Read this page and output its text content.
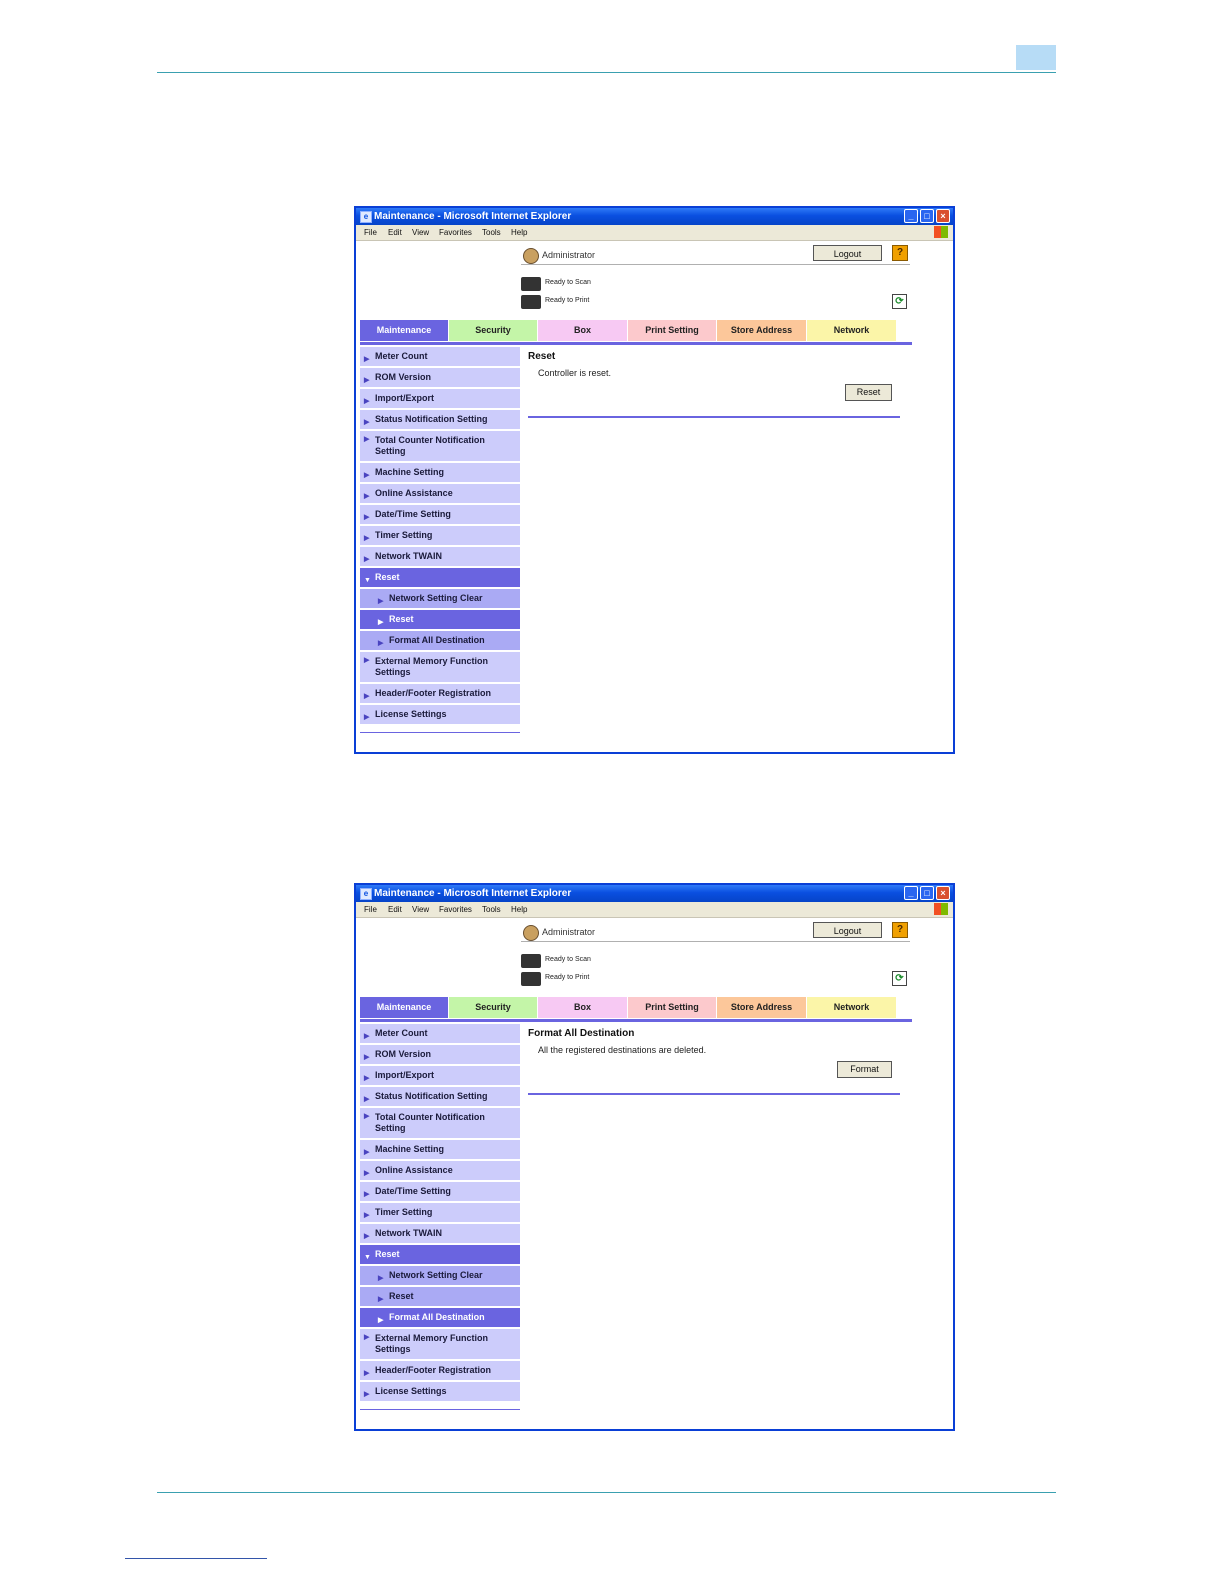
e Maintenance - Microsoft Internet Explorer	_	□	×
File Edit View Favorites Tools Help
Administrator	Logout	?
Ready to Scan
Ready to Print	⟳
Maintenance	Security	Box	Print Setting	Store Address	Network
▶ Meter Count
▶ ROM Version
▶ Import/Export
▶ Status Notification Setting
▶ Total Counter Notification Setting
▶ Machine Setting
▶ Online Assistance
▶ Date/Time Setting
▶ Timer Setting
▶ Network TWAIN
▼ Reset
▶ Network Setting Clear
▶ Reset
▶ Format All Destination
▶ External Memory Function Settings
▶ Header/Footer Registration
▶ License Settings
Reset
Controller is reset.
Reset
e Maintenance - Microsoft Internet Explorer	_	□	×
File Edit View Favorites Tools Help
Administrator	Logout	?
Ready to Scan
Ready to Print	⟳
Maintenance	Security	Box	Print Setting	Store Address	Network
▶ Meter Count
▶ ROM Version
▶ Import/Export
▶ Status Notification Setting
▶ Total Counter Notification Setting
▶ Machine Setting
▶ Online Assistance
▶ Date/Time Setting
▶ Timer Setting
▶ Network TWAIN
▼ Reset
▶ Network Setting Clear
▶ Reset
▶ Format All Destination
▶ External Memory Function Settings
▶ Header/Footer Registration
▶ License Settings
Format All Destination
All the registered destinations are deleted.
Format
